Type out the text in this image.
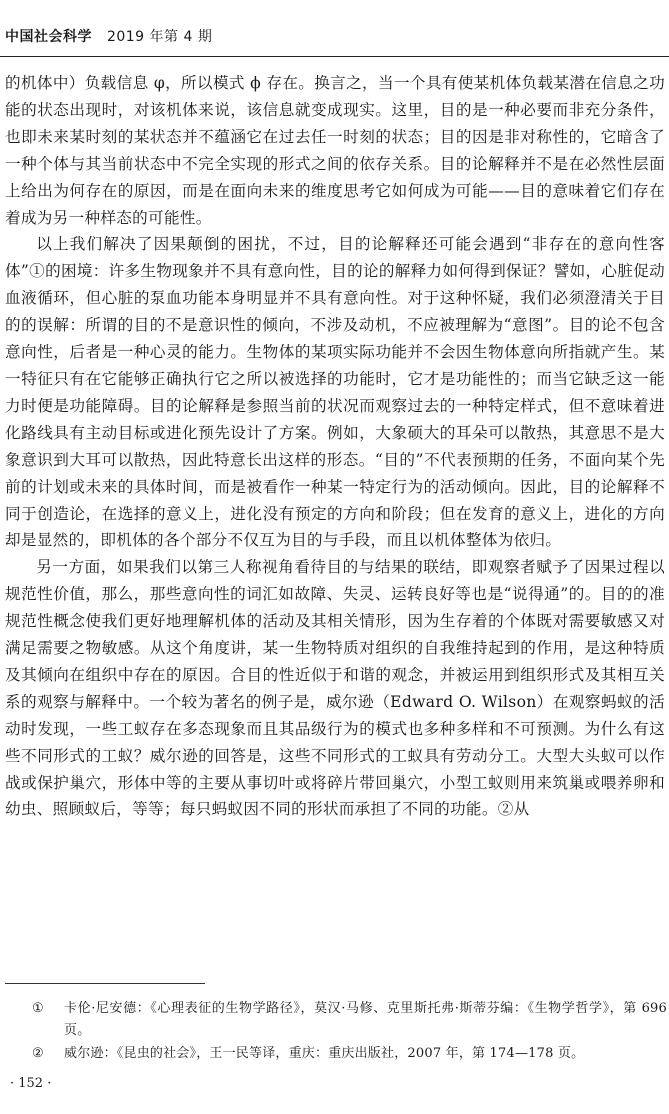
中国社会科学 2019 年第 4 期

的机体中）负载信息 φ，所以模式 ϕ 存在。换言之，当一个具有使某机体负载某潜在信息之功能的状态出现时，对该机体来说，该信息就变成现实。这里，目的是一种必要而非充分条件，也即未来某时刻的某状态并不蕴涵它在过去任一时刻的状态；目的因是非对称性的，它暗含了一种个体与其当前状态中不完全实现的形式之间的依存关系。目的论解释并不是在必然性层面上给出为何存在的原因，而是在面向未来的维度思考它如何成为可能——目的意味着它们存在着成为另一种样态的可能性。

以上我们解决了因果颠倒的困扰，不过，目的论解释还可能会遇到“非存在的意向性客体”①的困境：许多生物现象并不具有意向性，目的论的解释力如何得到保证？譬如，心脏促动血液循环，但心脏的泵血功能本身明显并不具有意向性。对于这种怀疑，我们必须澄清关于目的的误解：所谓的目的不是意识性的倾向，不涉及动机，不应被理解为“意图”。目的论不包含意向性，后者是一种心灵的能力。生物体的某项实际功能并不会因生物体意向所指就产生。某一特征只有在它能够正确执行它之所以被选择的功能时，它才是功能性的；而当它缺乏这一能力时便是功能障碍。目的论解释是参照当前的状况而观察过去的一种特定样式，但不意味着进化路线具有主动目标或进化预先设计了方案。例如，大象硕大的耳朵可以散热，其意思不是大象意识到大耳可以散热，因此特意长出这样的形态。“目的”不代表预期的任务，不面向某个先前的计划或未来的具体时间，而是被看作一种某一特定行为的活动倾向。因此，目的论解释不同于创造论，在选择的意义上，进化没有预定的方向和阶段；但在发育的意义上，进化的方向却是显然的，即机体的各个部分不仅互为目的与手段，而且以机体整体为依归。

另一方面，如果我们以第三人称视角看待目的与结果的联结，即观察者赋予了因果过程以规范性价值，那么，那些意向性的词汇如故障、失灵、运转良好等也是“说得通”的。目的的准规范性概念使我们更好地理解机体的活动及其相关情形，因为生存着的个体既对需要敏感又对满足需要之物敏感。从这个角度讲，某一生物特质对组织的自我维持起到的作用，是这种特质及其倾向在组织中存在的原因。合目的性近似于和谐的观念，并被运用到组织形式及其相互关系的观察与解释中。一个较为著名的例子是，威尔逊（Edward O. Wilson）在观察蚂蚁的活动时发现，一些工蚁存在多态现象而且其品级行为的模式也多种多样和不可预测。为什么有这些不同形式的工蚁？威尔逊的回答是，这些不同形式的工蚁具有劳动分工。大型大头蚁可以作战或保护巢穴，形体中等的主要从事切叶或将碎片带回巢穴，小型工蚁则用来筑巢或喂养卵和幼虫、照顾蚁后，等等；每只蚂蚁因不同的形状而承担了不同的功能。②从

①	卡伦·尼安德：《心理表征的生物学路径》，莫汉·马修、克里斯托弗·斯蒂芬编：《生物学哲学》，第 696 页。
②	威尔逊：《昆虫的社会》，王一民等译，重庆：重庆出版社，2007 年，第 174—178 页。
· 152 ·
